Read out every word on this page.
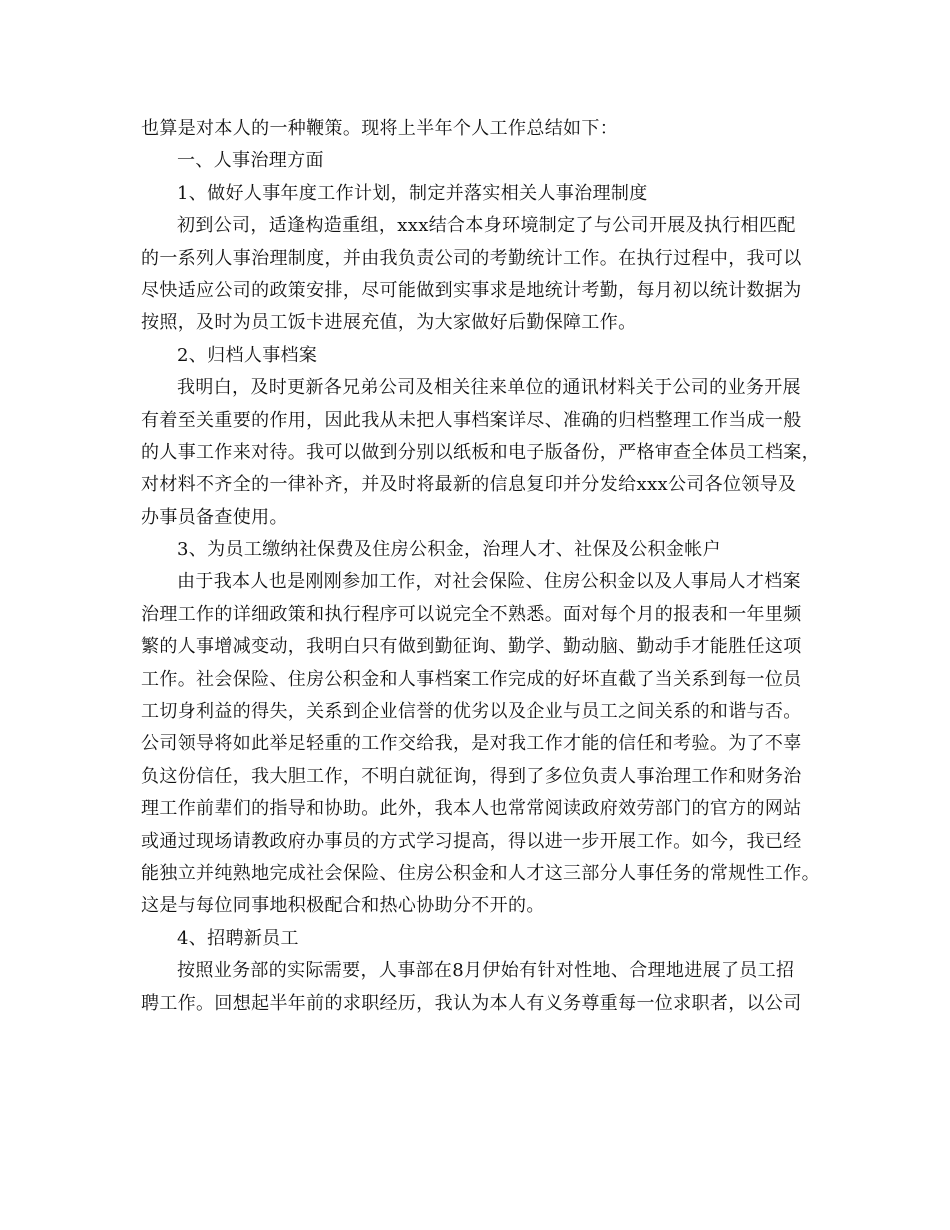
也算是对本人的一种鞭策。现将上半年个人工作总结如下：
一、人事治理方面
1、做好人事年度工作计划，制定并落实相关人事治理制度
初到公司，适逢构造重组，xxx结合本身环境制定了与公司开展及执行相匹配
的一系列人事治理制度，并由我负责公司的考勤统计工作。在执行过程中，我可以
尽快适应公司的政策安排，尽可能做到实事求是地统计考勤，每月初以统计数据为
按照，及时为员工饭卡进展充值，为大家做好后勤保障工作。
2、归档人事档案
我明白，及时更新各兄弟公司及相关往来单位的通讯材料关于公司的业务开展
有着至关重要的作用，因此我从未把人事档案详尽、准确的归档整理工作当成一般
的人事工作来对待。我可以做到分别以纸板和电子版备份，严格审查全体员工档案，
对材料不齐全的一律补齐，并及时将最新的信息复印并分发给xxx公司各位领导及
办事员备查使用。
3、为员工缴纳社保费及住房公积金，治理人才、社保及公积金帐户
由于我本人也是刚刚参加工作，对社会保险、住房公积金以及人事局人才档案
治理工作的详细政策和执行程序可以说完全不熟悉。面对每个月的报表和一年里频
繁的人事增减变动，我明白只有做到勤征询、勤学、勤动脑、勤动手才能胜任这项
工作。社会保险、住房公积金和人事档案工作完成的好坏直截了当关系到每一位员
工切身利益的得失，关系到企业信誉的优劣以及企业与员工之间关系的和谐与否。
公司领导将如此举足轻重的工作交给我，是对我工作才能的信任和考验。为了不辜
负这份信任，我大胆工作，不明白就征询，得到了多位负责人事治理工作和财务治
理工作前辈们的指导和协助。此外，我本人也常常阅读政府效劳部门的官方的网站
或通过现场请教政府办事员的方式学习提高，得以进一步开展工作。如今，我已经
能独立并纯熟地完成社会保险、住房公积金和人才这三部分人事任务的常规性工作。
这是与每位同事地积极配合和热心协助分不开的。
4、招聘新员工
按照业务部的实际需要，人事部在8月伊始有针对性地、合理地进展了员工招
聘工作。回想起半年前的求职经历，我认为本人有义务尊重每一位求职者，以公司
